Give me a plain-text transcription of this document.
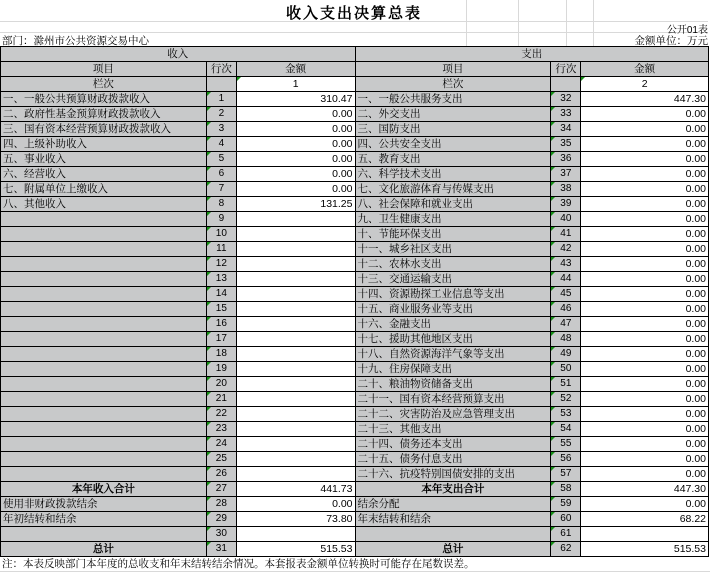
收入支出决算总表
公开01表
部门：滁州市公共资源交易中心	金额单位：万元
收入		
项目	行次	金额
栏次		1
一、一般公共预算财政拨款收入	1	310.47
二、政府性基金预算财政拨款收入	2	0.00
三、国有资本经营预算财政拨款收入	3	0.00
四、上级补助收入	4	0.00
五、事业收入	5	0.00
六、经营收入	6	0.00
七、附属单位上缴收入	7	0.00
八、其他收入	8	131.25
	9	
	10	
	11	
	12	
	13	
	14	
	15	
	16	
	17	
	18	
	19	
	20	
	21	
	22	
	23	
	24	
	25	
	26	
本年收入合计	27	441.73
使用非财政拨款结余	28	0.00
年初结转和结余	29	73.80
	30	
总计	31	515.53
支出		
项目	行次	金额
栏次		2
一、一般公共服务支出	32	447.30
二、外交支出	33	0.00
三、国防支出	34	0.00
四、公共安全支出	35	0.00
五、教育支出	36	0.00
六、科学技术支出	37	0.00
七、文化旅游体育与传媒支出	38	0.00
八、社会保障和就业支出	39	0.00
九、卫生健康支出	40	0.00
十、节能环保支出	41	0.00
十一、城乡社区支出	42	0.00
十二、农林水支出	43	0.00
十三、交通运输支出	44	0.00
十四、资源勘探工业信息等支出	45	0.00
十五、商业服务业等支出	46	0.00
十六、金融支出	47	0.00
十七、援助其他地区支出	48	0.00
十八、自然资源海洋气象等支出	49	0.00
十九、住房保障支出	50	0.00
二十、粮油物资储备支出	51	0.00
二十一、国有资本经营预算支出	52	0.00
二十二、灾害防治及应急管理支出	53	0.00
二十三、其他支出	54	0.00
二十四、债务还本支出	55	0.00
二十五、债务付息支出	56	0.00
二十六、抗疫特别国债安排的支出	57	0.00
本年支出合计	58	447.30
结余分配	59	0.00
年末结转和结余	60	68.22
	61	
总计	62	515.53
注：本表反映部门本年度的总收支和年末结转结余情况。本套报表金额单位转换时可能存在尾数误差。
